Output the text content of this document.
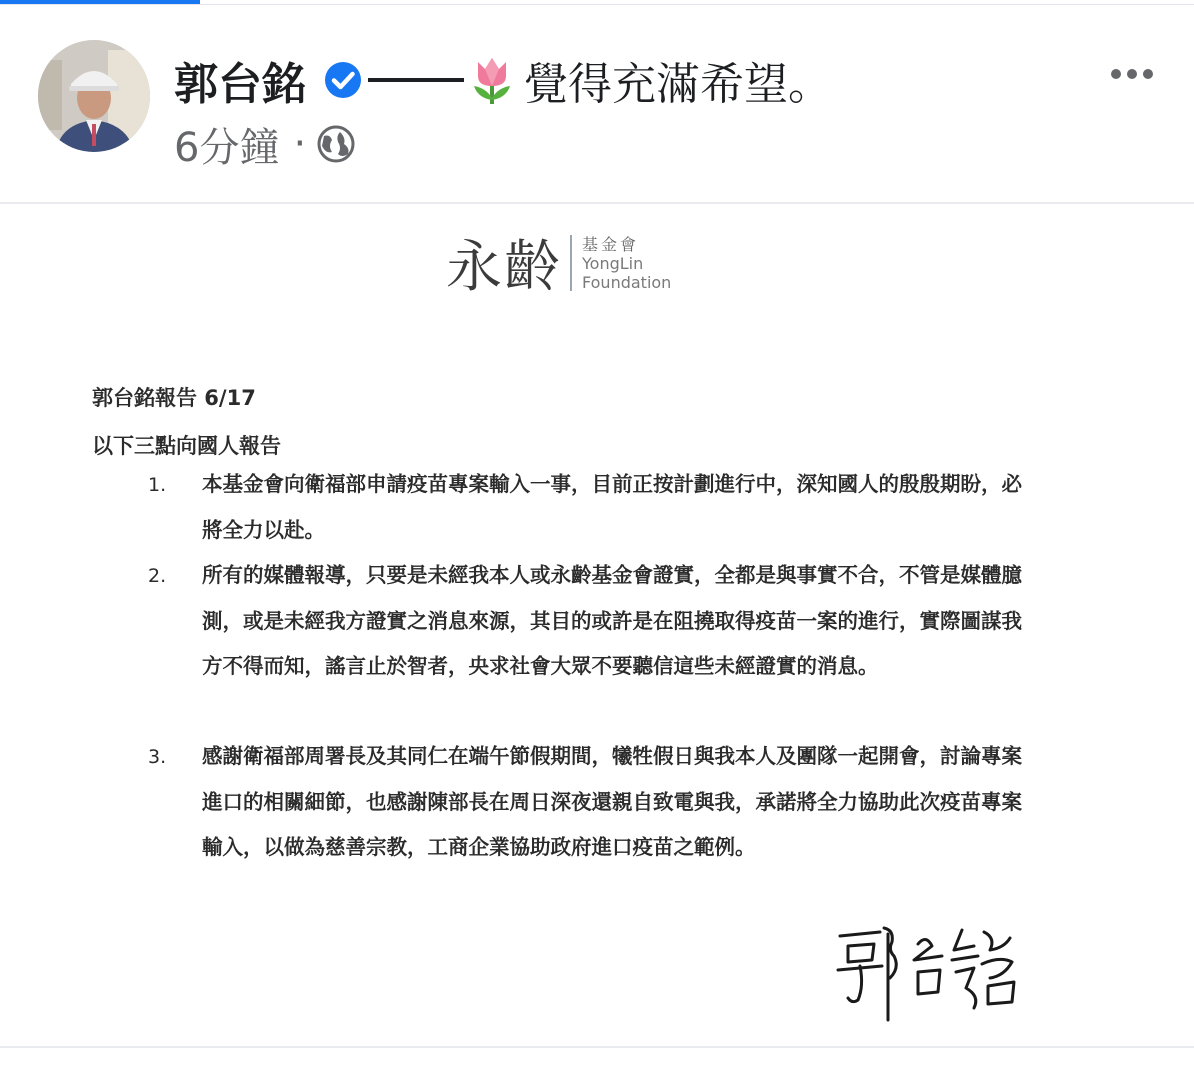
郭台銘	覺得充滿希望。
6分鐘 ·
永齡 基金會
YongLin
Foundation
郭台銘報告 6/17
以下三點向國人報告
1. 本基金會向衛福部申請疫苗專案輸入一事，目前正按計劃進行中，深知國人的殷殷期盼，必將全力以赴。
2. 所有的媒體報導，只要是未經我本人或永齡基金會證實，全都是與事實不合，不管是媒體臆測，或是未經我方證實之消息來源，其目的或許是在阻撓取得疫苗一案的進行，實際圖謀我方不得而知，謠言止於智者，央求社會大眾不要聽信這些未經證實的消息。
3. 感謝衛福部周署長及其同仁在端午節假期間，犧牲假日與我本人及團隊一起開會，討論專案進口的相關細節，也感謝陳部長在周日深夜還親自致電與我，承諾將全力協助此次疫苗專案輸入，以做為慈善宗教，工商企業協助政府進口疫苗之範例。
